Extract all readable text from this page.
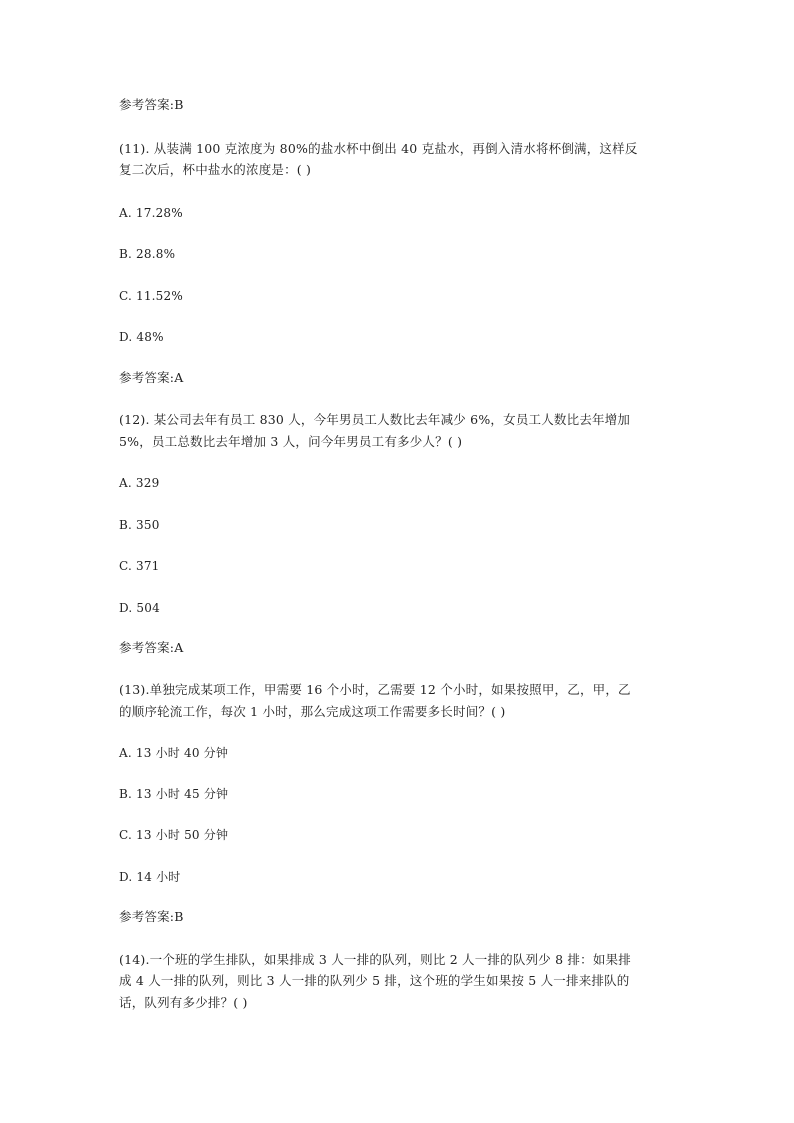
参考答案:B
(11). 从装满 100 克浓度为 80%的盐水杯中倒出 40 克盐水，再倒入清水将杯倒满，这样反
复二次后，杯中盐水的浓度是：( )
A. 17.28%
B. 28.8%
C. 11.52%
D. 48%
参考答案:A
(12). 某公司去年有员工 830 人，今年男员工人数比去年减少 6%，女员工人数比去年增加
5%，员工总数比去年增加 3 人，问今年男员工有多少人？( )
A. 329
B. 350
C. 371
D. 504
参考答案:A
(13).单独完成某项工作，甲需要 16 个小时，乙需要 12 个小时，如果按照甲，乙，甲，乙
的顺序轮流工作，每次 1 小时，那么完成这项工作需要多长时间？( )
A. 13 小时 40 分钟
B. 13 小时 45 分钟
C. 13 小时 50 分钟
D. 14 小时
参考答案:B
(14).一个班的学生排队，如果排成 3 人一排的队列，则比 2 人一排的队列少 8 排：如果排
成 4 人一排的队列，则比 3 人一排的队列少 5 排，这个班的学生如果按 5 人一排来排队的
话，队列有多少排？( )
